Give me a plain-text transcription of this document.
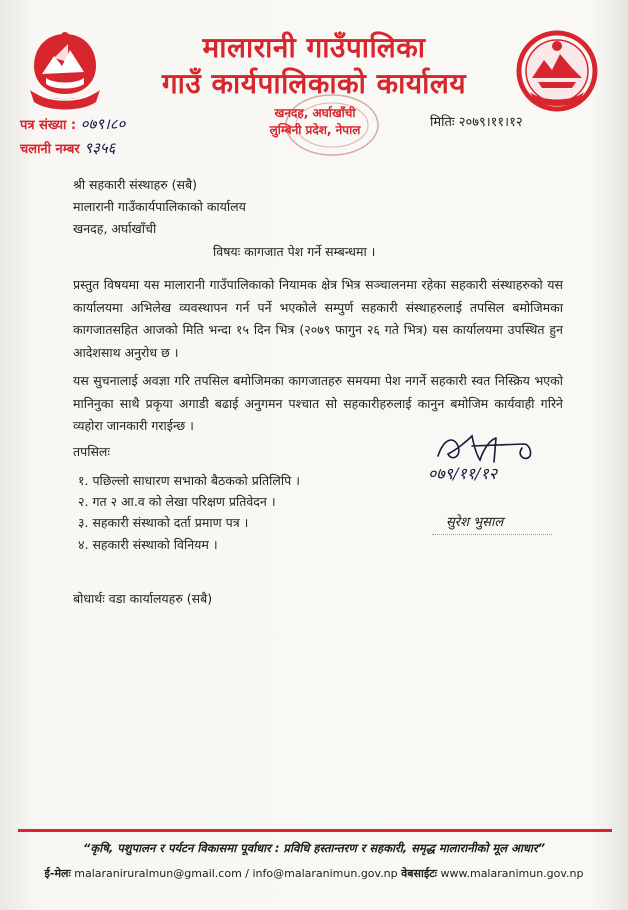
मालारानी गाउँपालिका
गाउँ कार्यपालिकाको कार्यालय
खनदह, अर्घाखाँची
लुम्बिनी प्रदेश, नेपाल
पत्र संख्या : ०७९।८०
चलानी नम्बर ९३५६
मितिः २०७९।११।१२
श्री सहकारी संस्थाहरु (सबै)
मालारानी गाउँकार्यपालिकाको कार्यालय
खनदह, अर्घाखाँची
विषयः कागजात पेश गर्ने सम्बन्धमा ।
प्रस्तुत विषयमा यस मालारानी गाउँपालिकाको नियामक क्षेत्र भित्र सञ्चालनमा रहेका सहकारी संस्थाहरुको यस कार्यालयमा अभिलेख व्यवस्थापन गर्न पर्ने भएकोले सम्पुर्ण सहकारी संस्थाहरुलाई तपसिल बमोजिमका कागजातसहित आजको मिति भन्दा १५ दिन भित्र (२०७९ फागुन २६ गते भित्र) यस कार्यालयमा उपस्थित हुन आदेशसाथ अनुरोध छ ।
यस सुचनालाई अवज्ञा गरि तपसिल बमोजिमका कागजातहरु समयमा पेश नगर्ने सहकारी स्वत निस्क्रिय भएको मानिनुका साथै प्रकृया अगाडी बढाई अनुगमन पश्चात सो सहकारीहरुलाई कानुन बमोजिम कार्यवाही गरिने व्यहोरा जानकारी गराईन्छ ।
तपसिलः
१. पछिल्लो साधारण सभाको बैठकको प्रतिलिपि ।
२. गत २ आ.व को लेखा परिक्षण प्रतिवेदन ।
३. सहकारी संस्थाको दर्ता प्रमाण पत्र ।
४. सहकारी संस्थाको विनियम ।
०७९/११/१२
सुरेश भुसाल
बोधार्थः वडा कार्यालयहरु (सबै)
“कृषि, पशुपालन र पर्यटन विकासमा पूर्वाधार : प्रविधि हस्तान्तरण र सहकारी, समृद्ध मालारानीको मूल आधार”
ई-मेलः malaraniruralmun@gmail.com / info@malaranimun.gov.np वेबसाईटः www.malaranimun.gov.np
